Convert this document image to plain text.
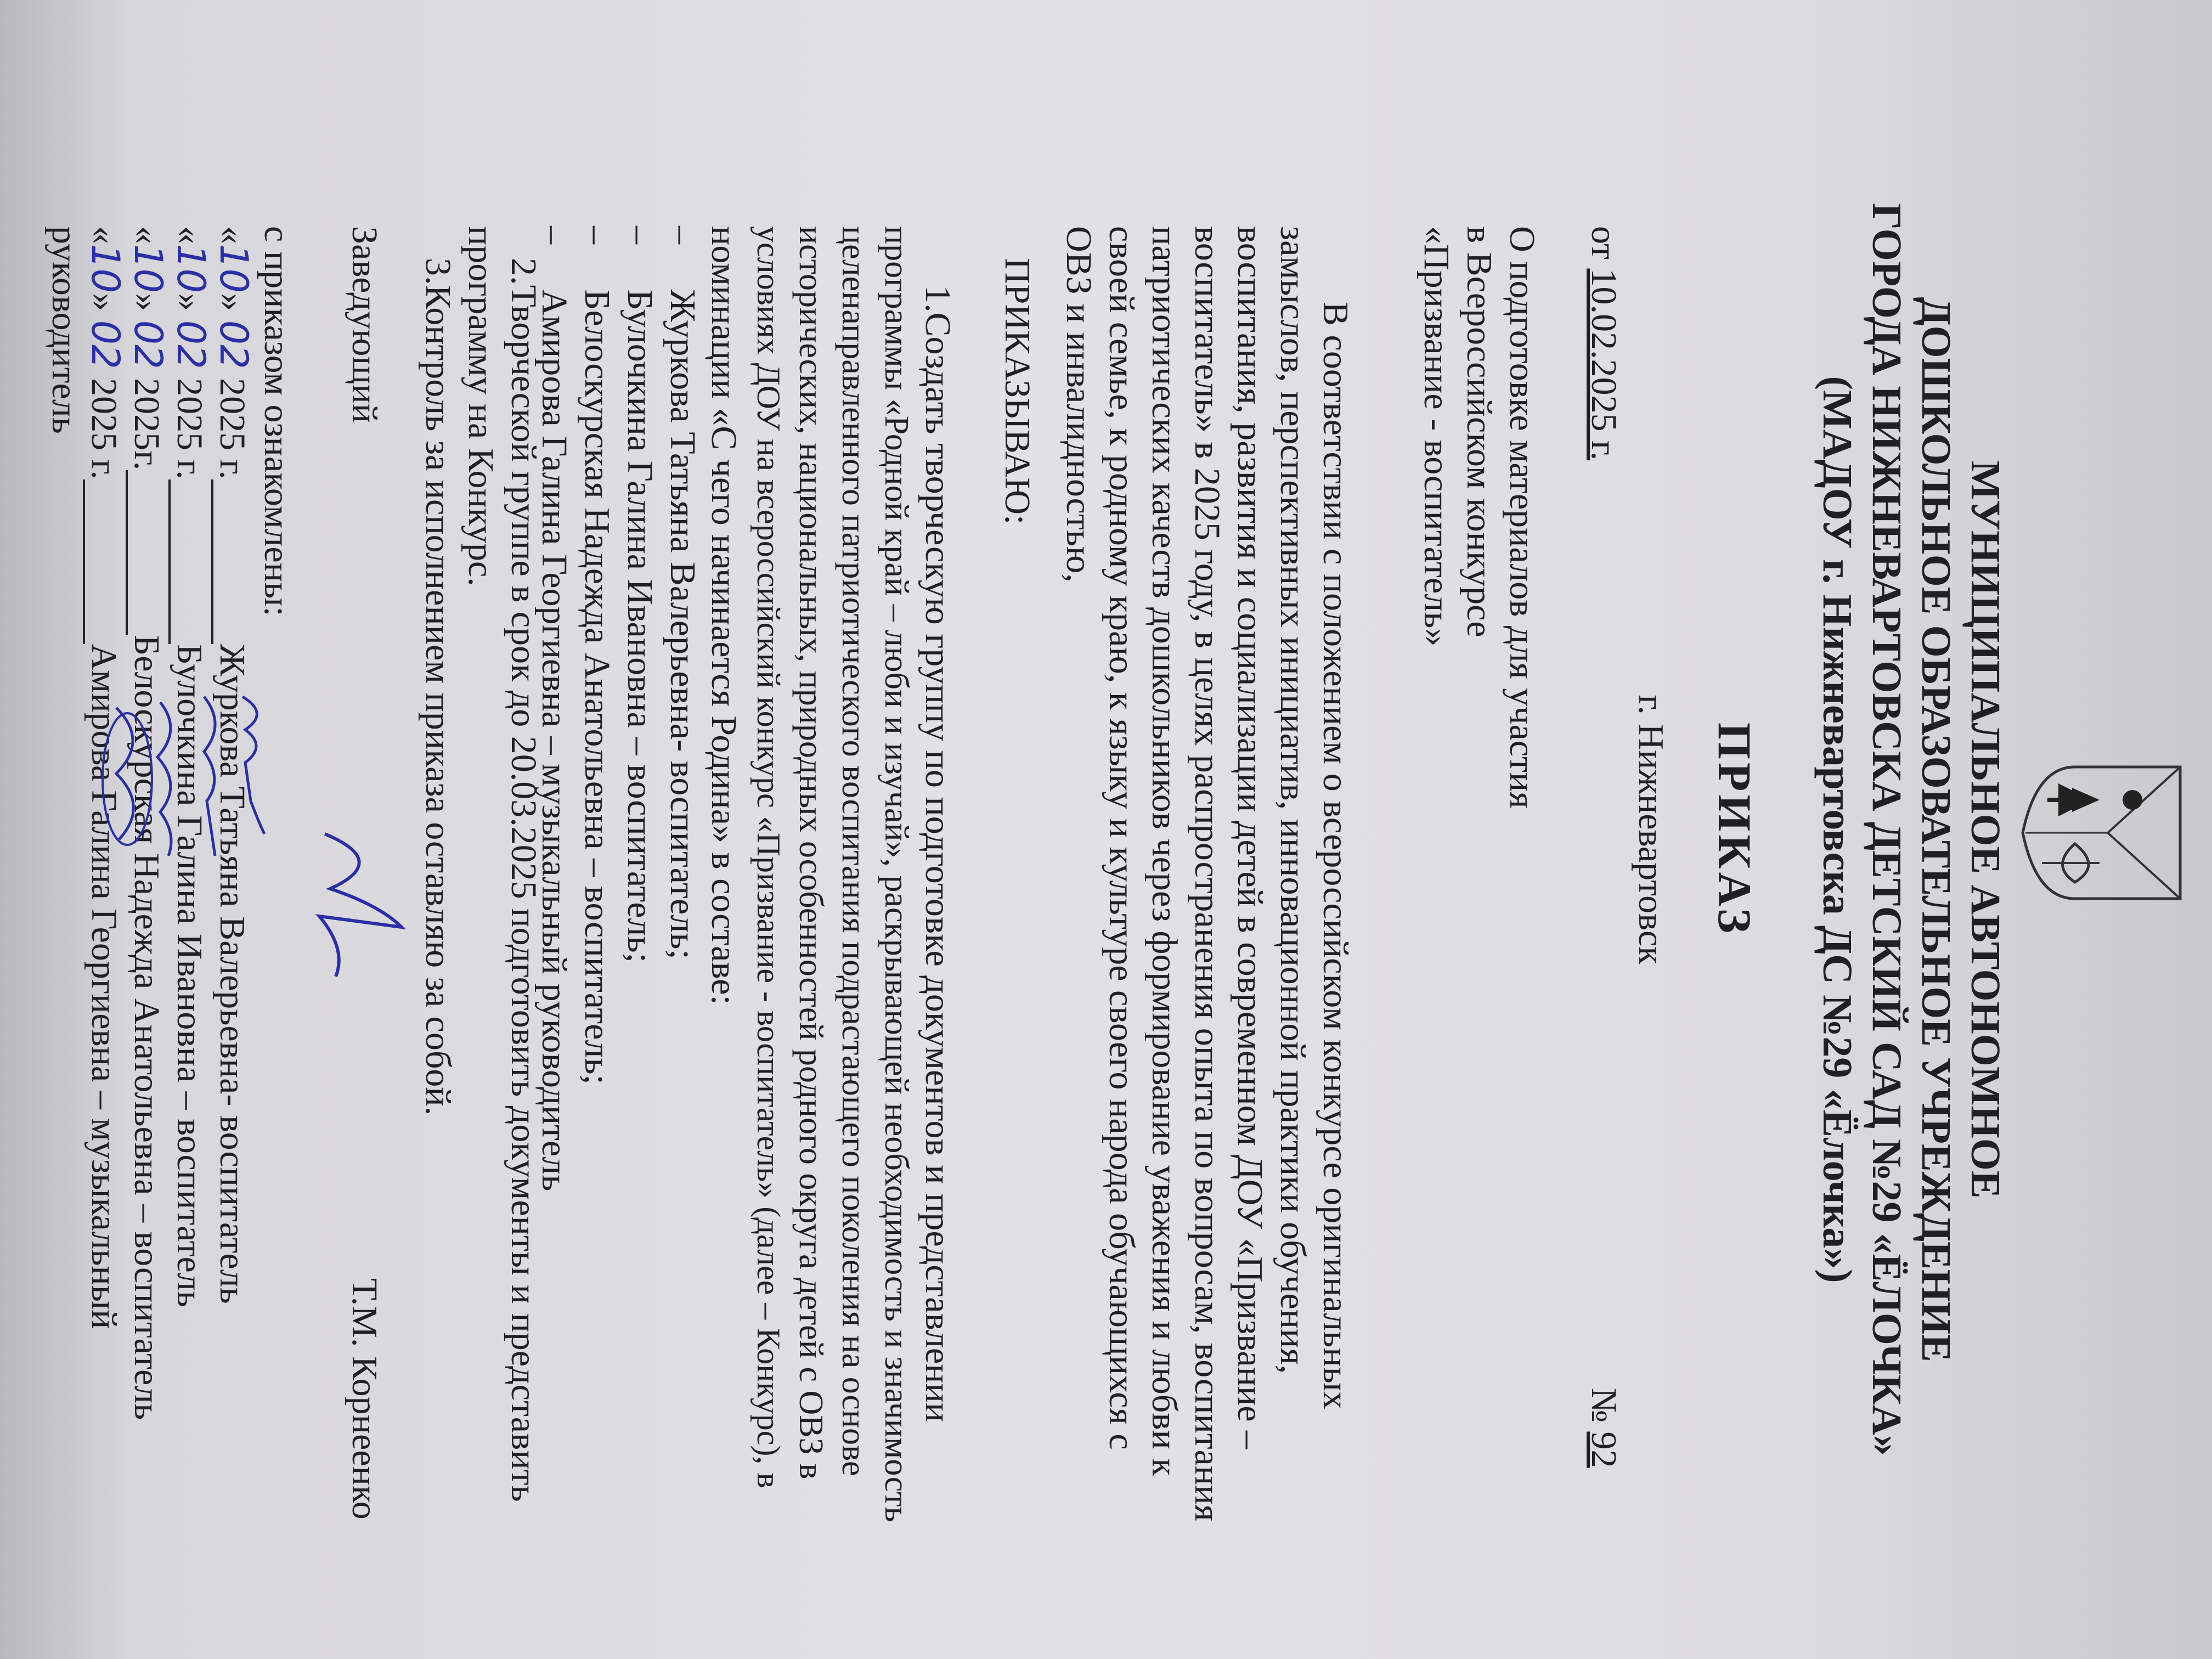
МУНИЦИПАЛЬНОЕ АВТОНОМНОЕ
ДОШКОЛЬНОЕ ОБРАЗОВАТЕЛЬНОЕ УЧРЕЖДЕНИЕ
ГОРОДА НИЖНЕВАРТОВСКА ДЕТСКИЙ САД №29 «ЁЛОЧКА»
(МАДОУ г. Нижневартовска ДС №29 «Ёлочка»)
ПРИКАЗ
г. Нижневартовск
от 10.02.2025 г.
№ 92
О подготовке материалов для участия
в Всероссийском конкурсе
«Призвание - воспитатель»
В соответствии с положением о всероссийском конкурсе оригинальных
замыслов, перспективных инициатив, инновационной практики обучения,
воспитания, развития и социализации детей в современном ДОУ «Призвание –
воспитатель» в 2025 году, в целях распространения опыта по вопросам, воспитания
патриотических качеств дошкольников через формирование уважения и любви к
своей семье, к родному краю, к языку и культуре своего народа обучающихся с
ОВЗ и инвалидностью,
ПРИКАЗЫВАЮ:
1.Создать творческую группу по подготовке документов и представлении
программы «Родной край – люби и изучай», раскрывающей необходимость и значимость
целенаправленного патриотического воспитания подрастающего поколения на основе
исторических, национальных, природных особенностей родного округа детей с ОВЗ в
условиях ДОУ на всероссийский конкурс «Призвание - воспитатель» (далее – Конкурс), в
номинации «С чего начинается Родина» в составе:
–     Журкова Татьяна Валерьевна- воспитатель;
–     Булочкина Галина Ивановна – воспитатель;
–     Белоскурская Надежда Анатольевна – воспитатель;
–     Амирова Галина Георгиевна – музыкальный руководитель
2.Творческой группе в срок до 20.03.2025 подготовить документы и представить
программу на Конкурс.
3.Контроль за исполнением приказа оставляю за собой.
Заведующий
Т.М. Корнеенко
с приказом ознакомлены:
«10» 02 2025 г.Журкова Татьяна Валерьевна- воспитатель
«10» 02 2025 г.Булочкина Галина Ивановна – воспитатель
«10» 02 2025г.Белоскурская Надежда Анатольевна – воспитатель
«10» 02 2025 г.Амирова Галина Георгиевна – музыкальный
руководитель
